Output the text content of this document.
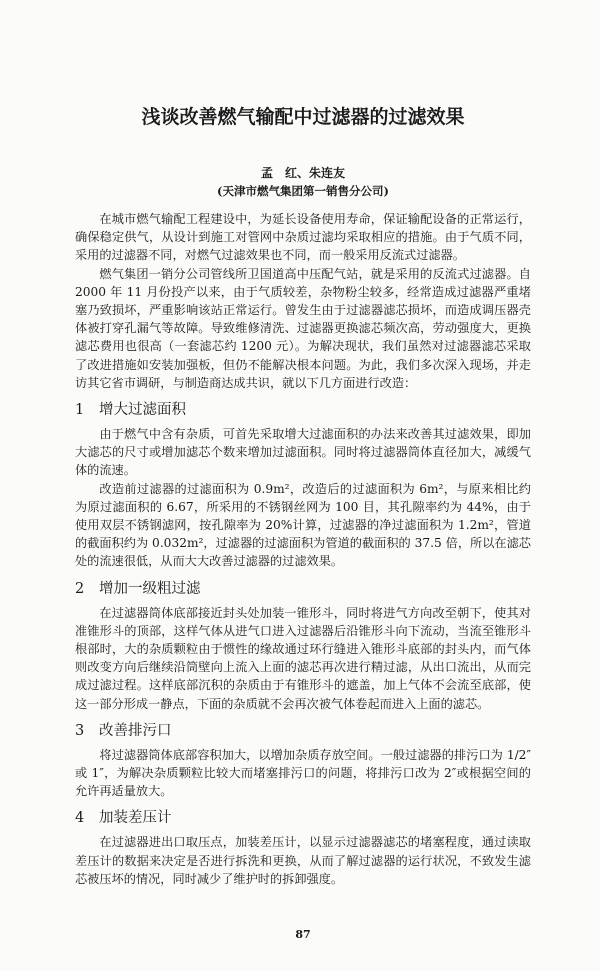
浅谈改善燃气输配中过滤器的过滤效果
孟　红、朱连友
(天津市燃气集团第一销售分公司)

在城市燃气输配工程建设中，为延长设备使用寿命，保证输配设备的正常运行，确保稳定供气，从设计到施工对管网中杂质过滤均采取相应的措施。由于气质不同，采用的过滤器不同，对燃气过滤效果也不同，而一般采用反流式过滤器。

燃气集团一销分公司管线所卫国道高中压配气站，就是采用的反流式过滤器。自 2000 年 11 月份投产以来，由于气质较差，杂物粉尘较多，经常造成过滤器严重堵塞乃致损坏，严重影响该站正常运行。曾发生由于过滤器滤芯损坏，而造成调压器壳体被打穿孔漏气等故障。导致维修清洗、过滤器更换滤芯频次高，劳动强度大，更换滤芯费用也很高（一套滤芯约 1200 元）。为解决现状，我们虽然对过滤器滤芯采取了改进措施如安装加强板，但仍不能解决根本问题。为此，我们多次深入现场，并走访其它省市调研，与制造商达成共识，就以下几方面进行改造：

1 增大过滤面积

由于燃气中含有杂质，可首先采取增大过滤面积的办法来改善其过滤效果，即加大滤芯的尺寸或增加滤芯个数来增加过滤面积。同时将过滤器筒体直径加大，减缓气体的流速。

改造前过滤器的过滤面积为 0.9m²，改造后的过滤面积为 6m²，与原来相比约为原过滤面积的 6.67，所采用的不锈钢丝网为 100 目，其孔隙率约为 44%，由于使用双层不锈钢滤网，按孔隙率为 20%计算，过滤器的净过滤面积为 1.2m²，管道的截面积约为 0.032m²，过滤器的过滤面积为管道的截面积的 37.5 倍，所以在滤芯处的流速很低，从而大大改善过滤器的过滤效果。

2 增加一级粗过滤

在过滤器筒体底部接近封头处加装一锥形斗，同时将进气方向改至朝下，使其对准锥形斗的顶部，这样气体从进气口进入过滤器后沿锥形斗向下流动，当流至锥形斗根部时，大的杂质颗粒由于惯性的缘故通过环行缝进入锥形斗底部的封头内，而气体则改变方向后继续沿筒壁向上流入上面的滤芯再次进行精过滤，从出口流出，从而完成过滤过程。这样底部沉积的杂质由于有锥形斗的遮盖，加上气体不会流至底部，使这一部分形成一静点，下面的杂质就不会再次被气体卷起而进入上面的滤芯。

3 改善排污口

将过滤器筒体底部容积加大，以增加杂质存放空间。一般过滤器的排污口为 1/2″或 1″，为解决杂质颗粒比较大而堵塞排污口的问题，将排污口改为 2″或根据空间的允许再适量放大。

4 加装差压计

在过滤器进出口取压点，加装差压计，以显示过滤器滤芯的堵塞程度，通过读取差压计的数据来决定是否进行拆洗和更换，从而了解过滤器的运行状况，不致发生滤芯被压坏的情况，同时减少了维护时的拆卸强度。

87
